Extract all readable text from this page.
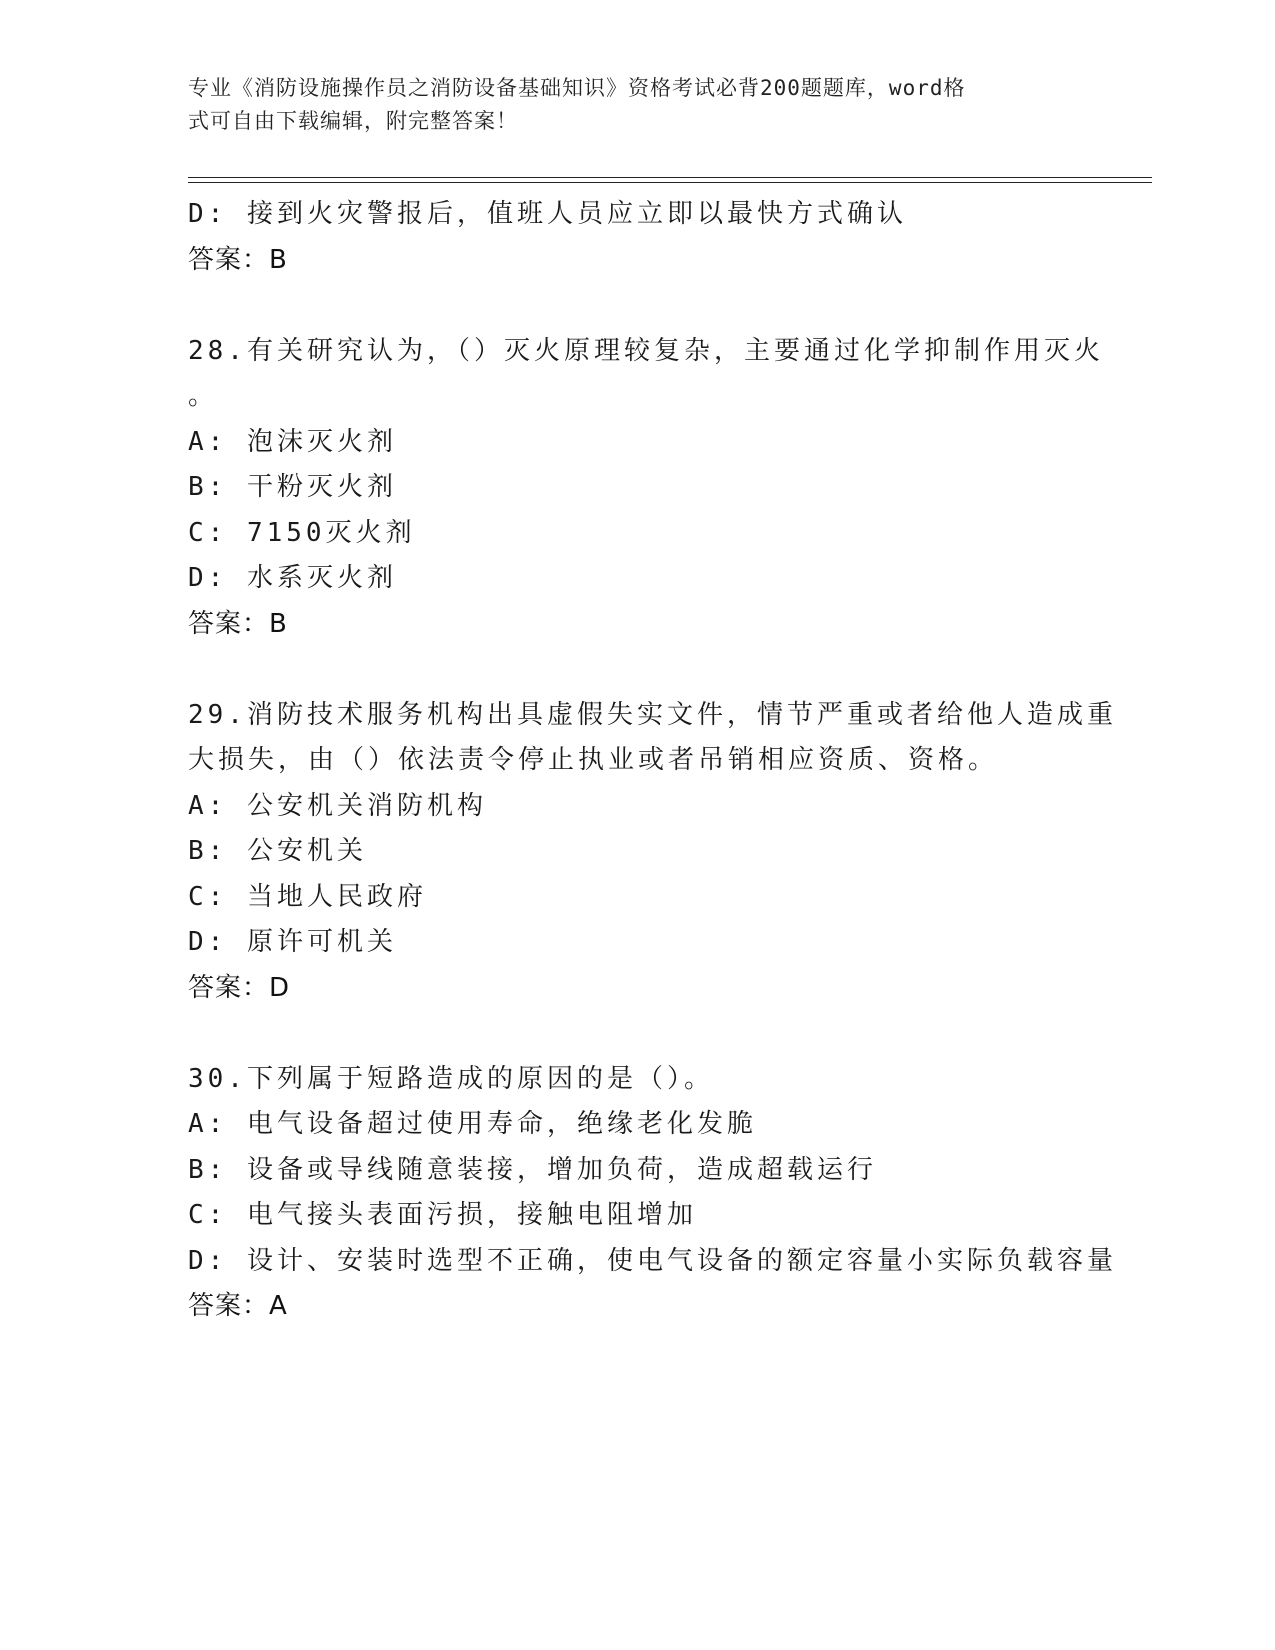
专业《消防设施操作员之消防设备基础知识》资格考试必背200题题库，word格
式可自由下载编辑，附完整答案！
D: 接到火灾警报后，值班人员应立即以最快方式确认
答案：B
28.有关研究认为，（）灭火原理较复杂，主要通过化学抑制作用灭火
。
A: 泡沫灭火剂
B: 干粉灭火剂
C: 7150灭火剂
D: 水系灭火剂
答案：B
29.消防技术服务机构出具虚假失实文件，情节严重或者给他人造成重
大损失，由（）依法责令停止执业或者吊销相应资质、资格。
A: 公安机关消防机构
B: 公安机关
C: 当地人民政府
D: 原许可机关
答案：D
30.下列属于短路造成的原因的是（）。
A: 电气设备超过使用寿命，绝缘老化发脆
B: 设备或导线随意装接，增加负荷，造成超载运行
C: 电气接头表面污损，接触电阻增加
D: 设计、安装时选型不正确，使电气设备的额定容量小实际负载容量
答案：A
